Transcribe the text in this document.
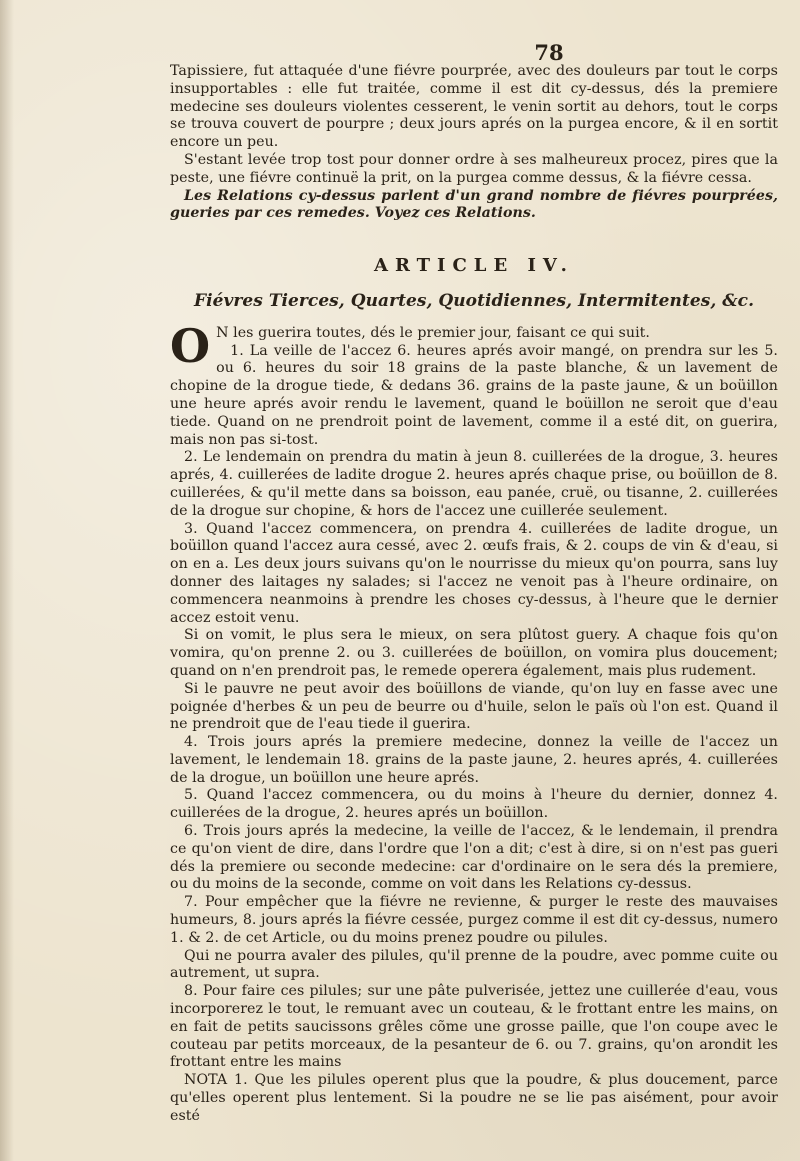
78

Tapissiere, fut attaquée d'une fiévre pourprée, avec des douleurs par tout le corps insupportables : elle fut traitée, comme il est dit cy-dessus, dés la premiere medecine ses douleurs violentes cesserent, le venin sortit au dehors, tout le corps se trouva couvert de pourpre ; deux jours aprés on la purgea encore, & il en sortit encore un peu.

S'estant levée trop tost pour donner ordre à ses malheureux procez, pires que la peste, une fiévre continuë la prit, on la purgea comme dessus, & la fiévre cessa.

Les Relations cy-dessus parlent d'un grand nombre de fiévres pourprées, gueries par ces remedes. Voyez ces Relations.

ARTICLE IV.
Fiévres Tierces, Quartes, Quotidiennes, Intermitentes, &c.

O N les guerira toutes, dés le premier jour, faisant ce qui suit.

1. La veille de l'accez 6. heures aprés avoir mangé, on prendra sur les 5. ou 6. heures du soir 18 grains de la paste blanche, & un lavement de chopine de la drogue tiede, & dedans 36. grains de la paste jaune, & un boüillon une heure aprés avoir rendu le lavement, quand le boüillon ne seroit que d'eau tiede. Quand on ne prendroit point de lavement, comme il a esté dit, on guerira, mais non pas si-tost.

2. Le lendemain on prendra du matin à jeun 8. cuillerées de la drogue, 3. heures aprés, 4. cuillerées de ladite drogue 2. heures aprés chaque prise, ou boüillon de 8. cuillerées, & qu'il mette dans sa boisson, eau panée, cruë, ou tisanne, 2. cuillerées de la drogue sur chopine, & hors de l'accez une cuillerée seulement.

3. Quand l'accez commencera, on prendra 4. cuillerées de ladite drogue, un boüillon quand l'accez aura cessé, avec 2. œufs frais, & 2. coups de vin & d'eau, si on en a. Les deux jours suivans qu'on le nourrisse du mieux qu'on pourra, sans luy donner des laitages ny salades; si l'accez ne venoit pas à l'heure ordinaire, on commencera neanmoins à prendre les choses cy-dessus, à l'heure que le dernier accez estoit venu.

Si on vomit, le plus sera le mieux, on sera plûtost guery. A chaque fois qu'on vomira, qu'on prenne 2. ou 3. cuillerées de boüillon, on vomira plus doucement; quand on n'en prendroit pas, le remede operera également, mais plus rudement.

Si le pauvre ne peut avoir des boüillons de viande, qu'on luy en fasse avec une poignée d'herbes & un peu de beurre ou d'huile, selon le païs où l'on est. Quand il ne prendroit que de l'eau tiede il guerira.

4. Trois jours aprés la premiere medecine, donnez la veille de l'accez un lavement, le lendemain 18. grains de la paste jaune, 2. heures aprés, 4. cuillerées de la drogue, un boüillon une heure aprés.

5. Quand l'accez commencera, ou du moins à l'heure du dernier, donnez 4. cuillerées de la drogue, 2. heures aprés un boüillon.

6. Trois jours aprés la medecine, la veille de l'accez, & le lendemain, il prendra ce qu'on vient de dire, dans l'ordre que l'on a dit; c'est à dire, si on n'est pas gueri dés la premiere ou seconde medecine: car d'ordinaire on le sera dés la premiere, ou du moins de la seconde, comme on voit dans les Relations cy-dessus.

7. Pour empêcher que la fiévre ne revienne, & purger le reste des mauvaises humeurs, 8. jours aprés la fiévre cessée, purgez comme il est dit cy-dessus, numero 1. & 2. de cet Article, ou du moins prenez poudre ou pilules.

Qui ne pourra avaler des pilules, qu'il prenne de la poudre, avec pomme cuite ou autrement, ut supra.

8. Pour faire ces pilules; sur une pâte pulverisée, jettez une cuillerée d'eau, vous incorporerez le tout, le remuant avec un couteau, & le frottant entre les mains, on en fait de petits saucissons grêles cõme une grosse paille, que l'on coupe avec le couteau par petits morceaux, de la pesanteur de 6. ou 7. grains, qu'on arondit les frottant entre les mains

NOTA 1. Que les pilules operent plus que la poudre, & plus doucement, parce qu'elles operent plus lentement. Si la poudre ne se lie pas aisément, pour avoir esté
